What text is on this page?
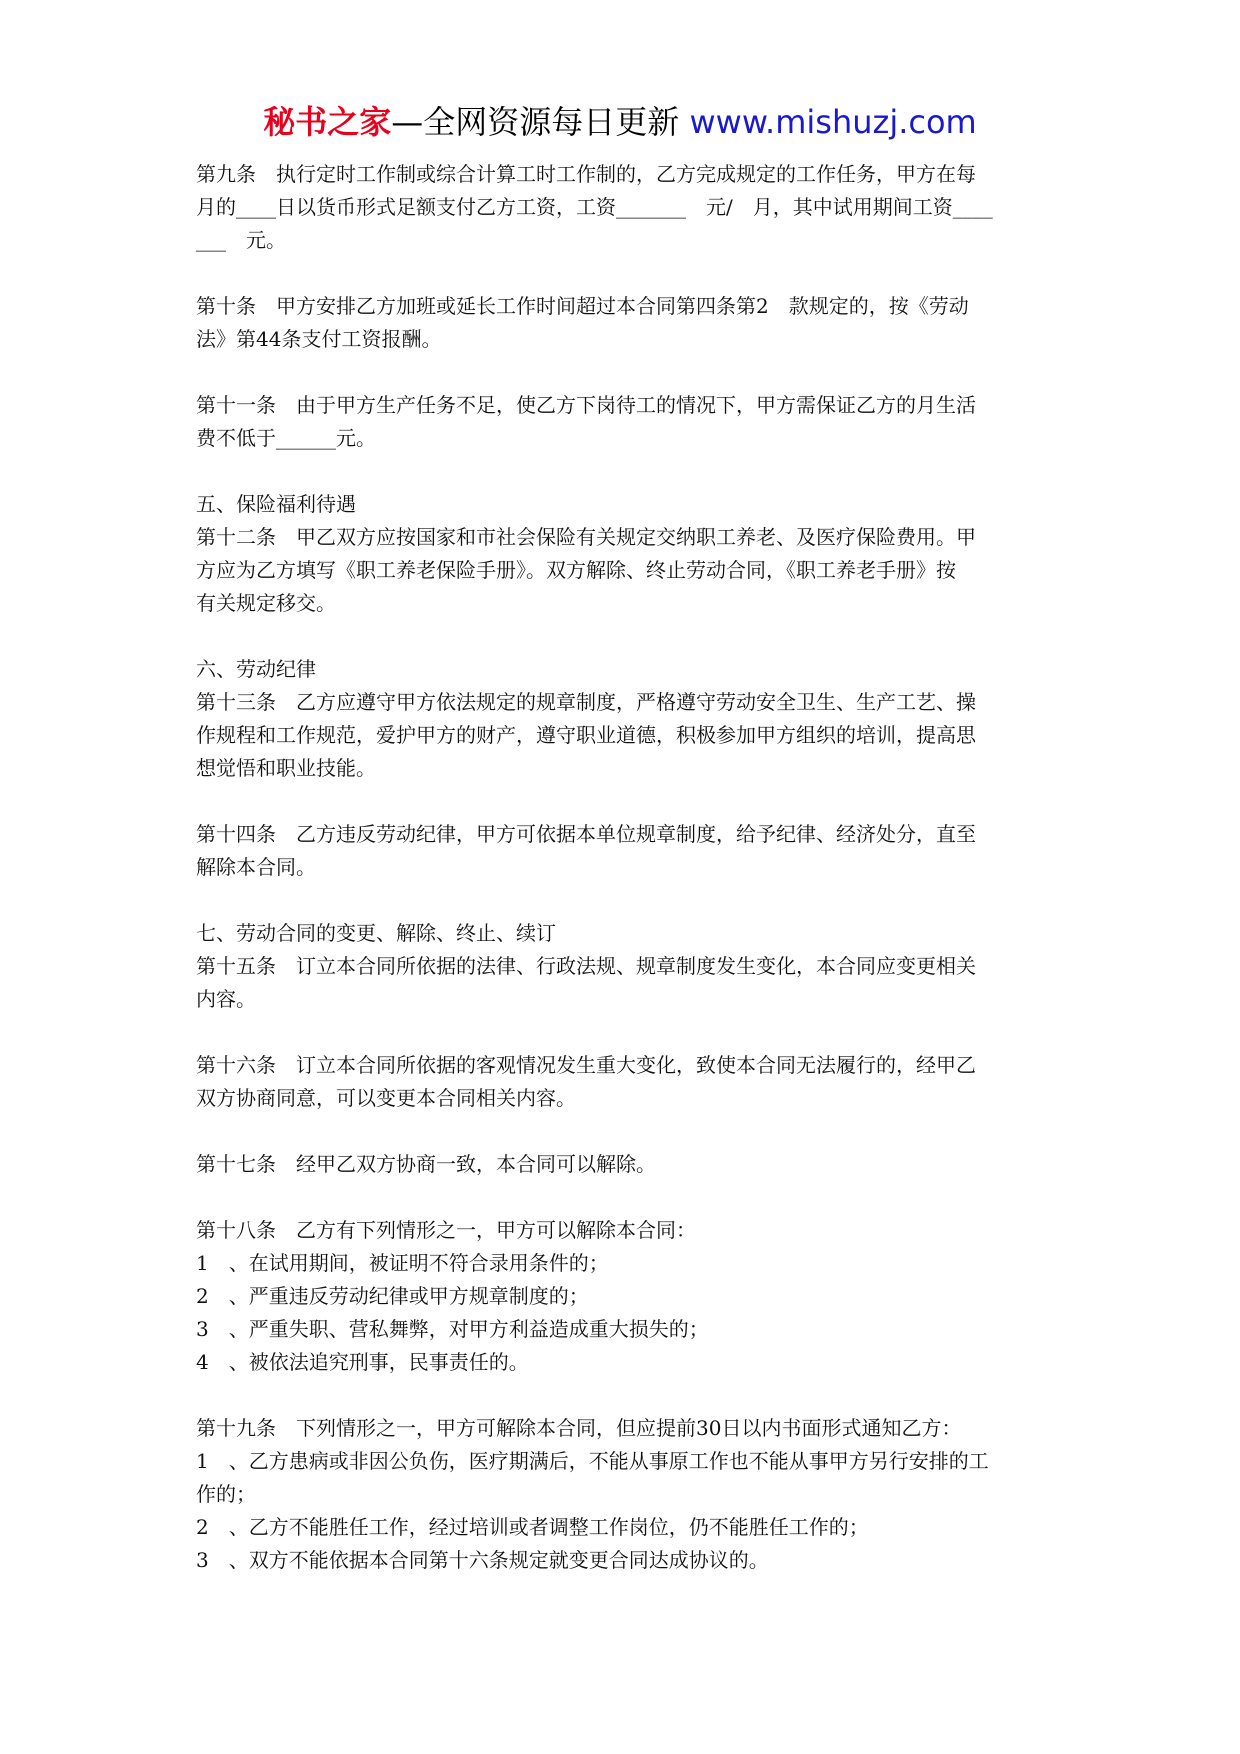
秘书之家—全网资源每日更新 www.mishuzj.com

第九条　执行定时工作制或综合计算工时工作制的，乙方完成规定的工作任务，甲方在每

月的____日以货币形式足额支付乙方工资，工资_______　元/　月，其中试用期间工资____

___　元。

第十条　甲方安排乙方加班或延长工作时间超过本合同第四条第2　款规定的，按《劳动

法》第44条支付工资报酬。

第十一条　由于甲方生产任务不足，使乙方下岗待工的情况下，甲方需保证乙方的月生活

费不低于______元。

五、保险福利待遇

第十二条　甲乙双方应按国家和市社会保险有关规定交纳职工养老、及医疗保险费用。甲

方应为乙方填写《职工养老保险手册》。双方解除、终止劳动合同，《职工养老手册》按

有关规定移交。

六、劳动纪律

第十三条　乙方应遵守甲方依法规定的规章制度，严格遵守劳动安全卫生、生产工艺、操

作规程和工作规范，爱护甲方的财产，遵守职业道德，积极参加甲方组织的培训，提高思

想觉悟和职业技能。

第十四条　乙方违反劳动纪律，甲方可依据本单位规章制度，给予纪律、经济处分，直至

解除本合同。

七、劳动合同的变更、解除、终止、续订

第十五条　订立本合同所依据的法律、行政法规、规章制度发生变化，本合同应变更相关

内容。

第十六条　订立本合同所依据的客观情况发生重大变化，致使本合同无法履行的，经甲乙

双方协商同意，可以变更本合同相关内容。

第十七条　经甲乙双方协商一致，本合同可以解除。

第十八条　乙方有下列情形之一，甲方可以解除本合同：

1　、在试用期间，被证明不符合录用条件的；

2　、严重违反劳动纪律或甲方规章制度的；

3　、严重失职、营私舞弊，对甲方利益造成重大损失的；

4　、被依法追究刑事，民事责任的。

第十九条　下列情形之一，甲方可解除本合同，但应提前30日以内书面形式通知乙方：

1　、乙方患病或非因公负伤，医疗期满后，不能从事原工作也不能从事甲方另行安排的工

作的；

2　、乙方不能胜任工作，经过培训或者调整工作岗位，仍不能胜任工作的；

3　、双方不能依据本合同第十六条规定就变更合同达成协议的。
